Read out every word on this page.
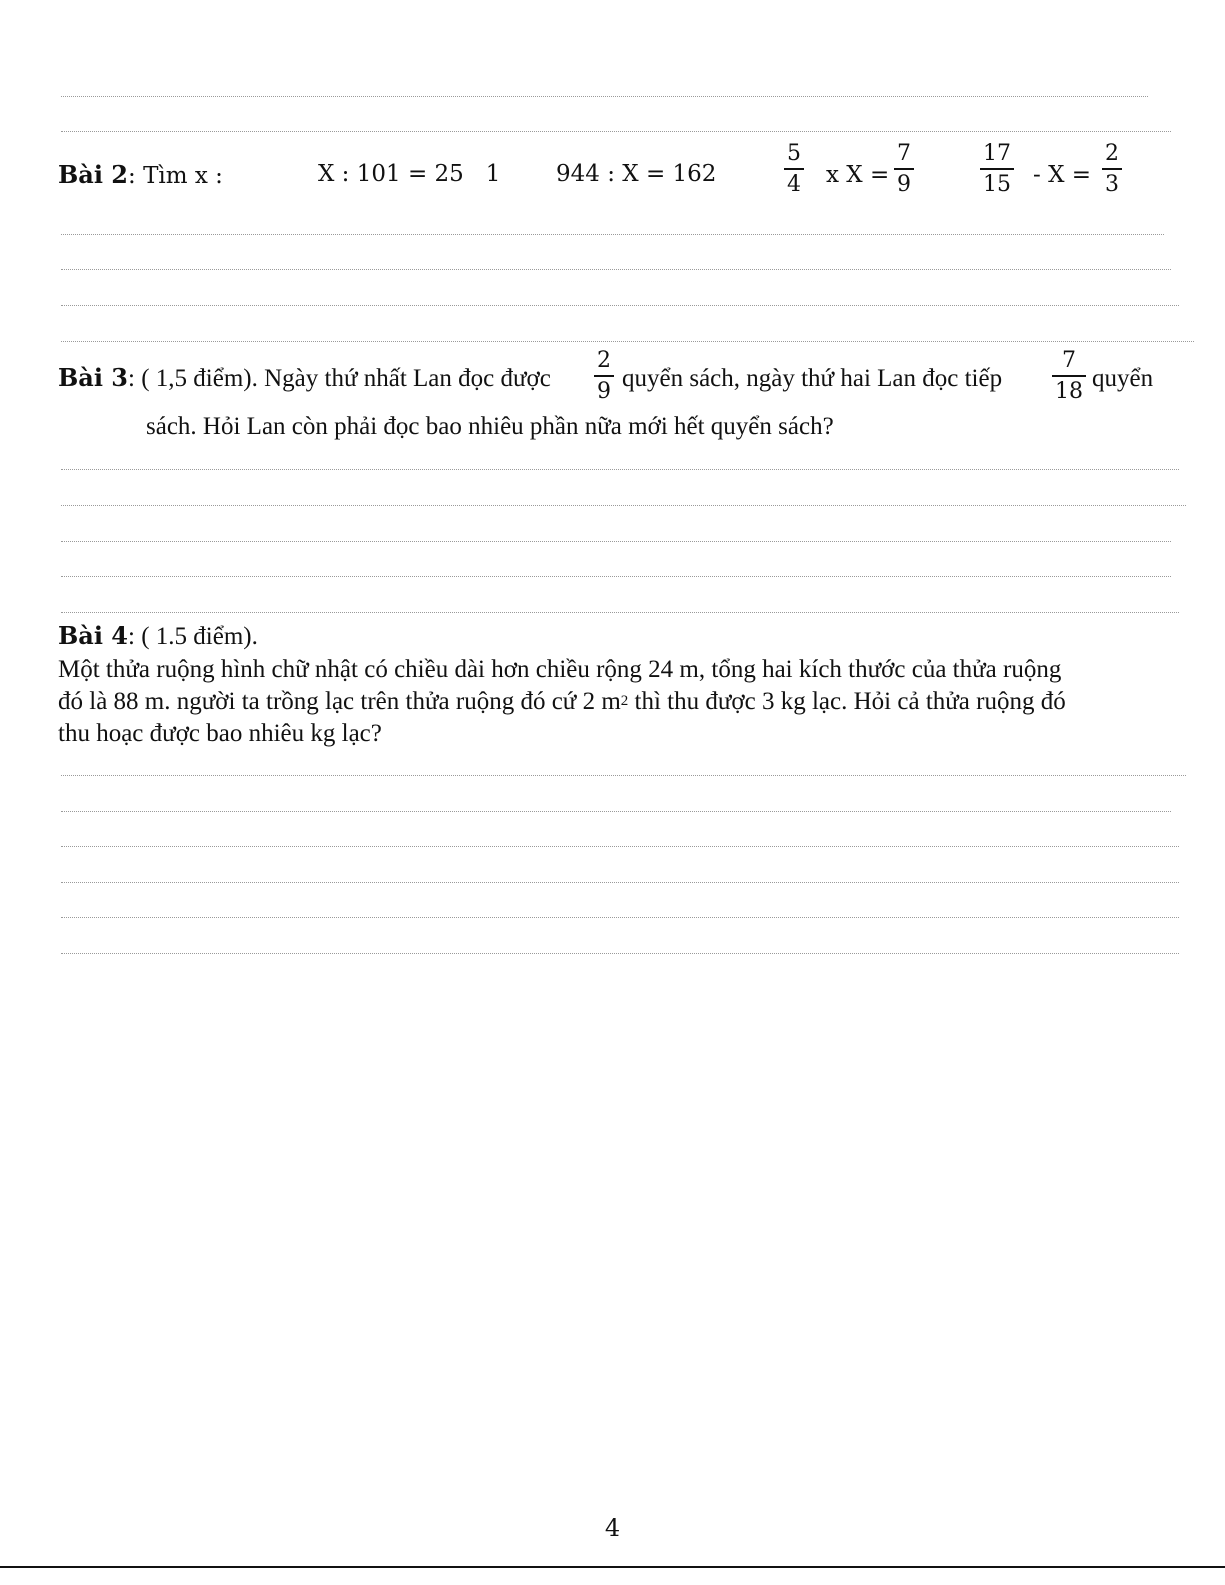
Bài 2: Tìm x :	X : 101 = 25   1 944 : X = 162
5
4 x X =
7
9
17
15 - X =
2
3
Bài 3: ( 1,5 điểm). Ngày thứ nhất Lan đọc được
2
9 quyển sách, ngày thứ hai Lan đọc tiếp
7
18 quyển
sách. Hỏi Lan còn phải đọc bao nhiêu phần nữa mới hết quyển sách?
Bài 4: ( 1.5 điểm).
Một thửa ruộng hình chữ nhật có chiều dài hơn chiều rộng 24 m, tổng hai kích thước của thửa ruộng
đó là 88 m. người ta trồng lạc trên thửa ruộng đó cứ 2 $m^2$ thì thu được 3 kg lạc. Hỏi cả thửa ruộng đó
thu hoạc được bao nhiêu kg lạc?
4
